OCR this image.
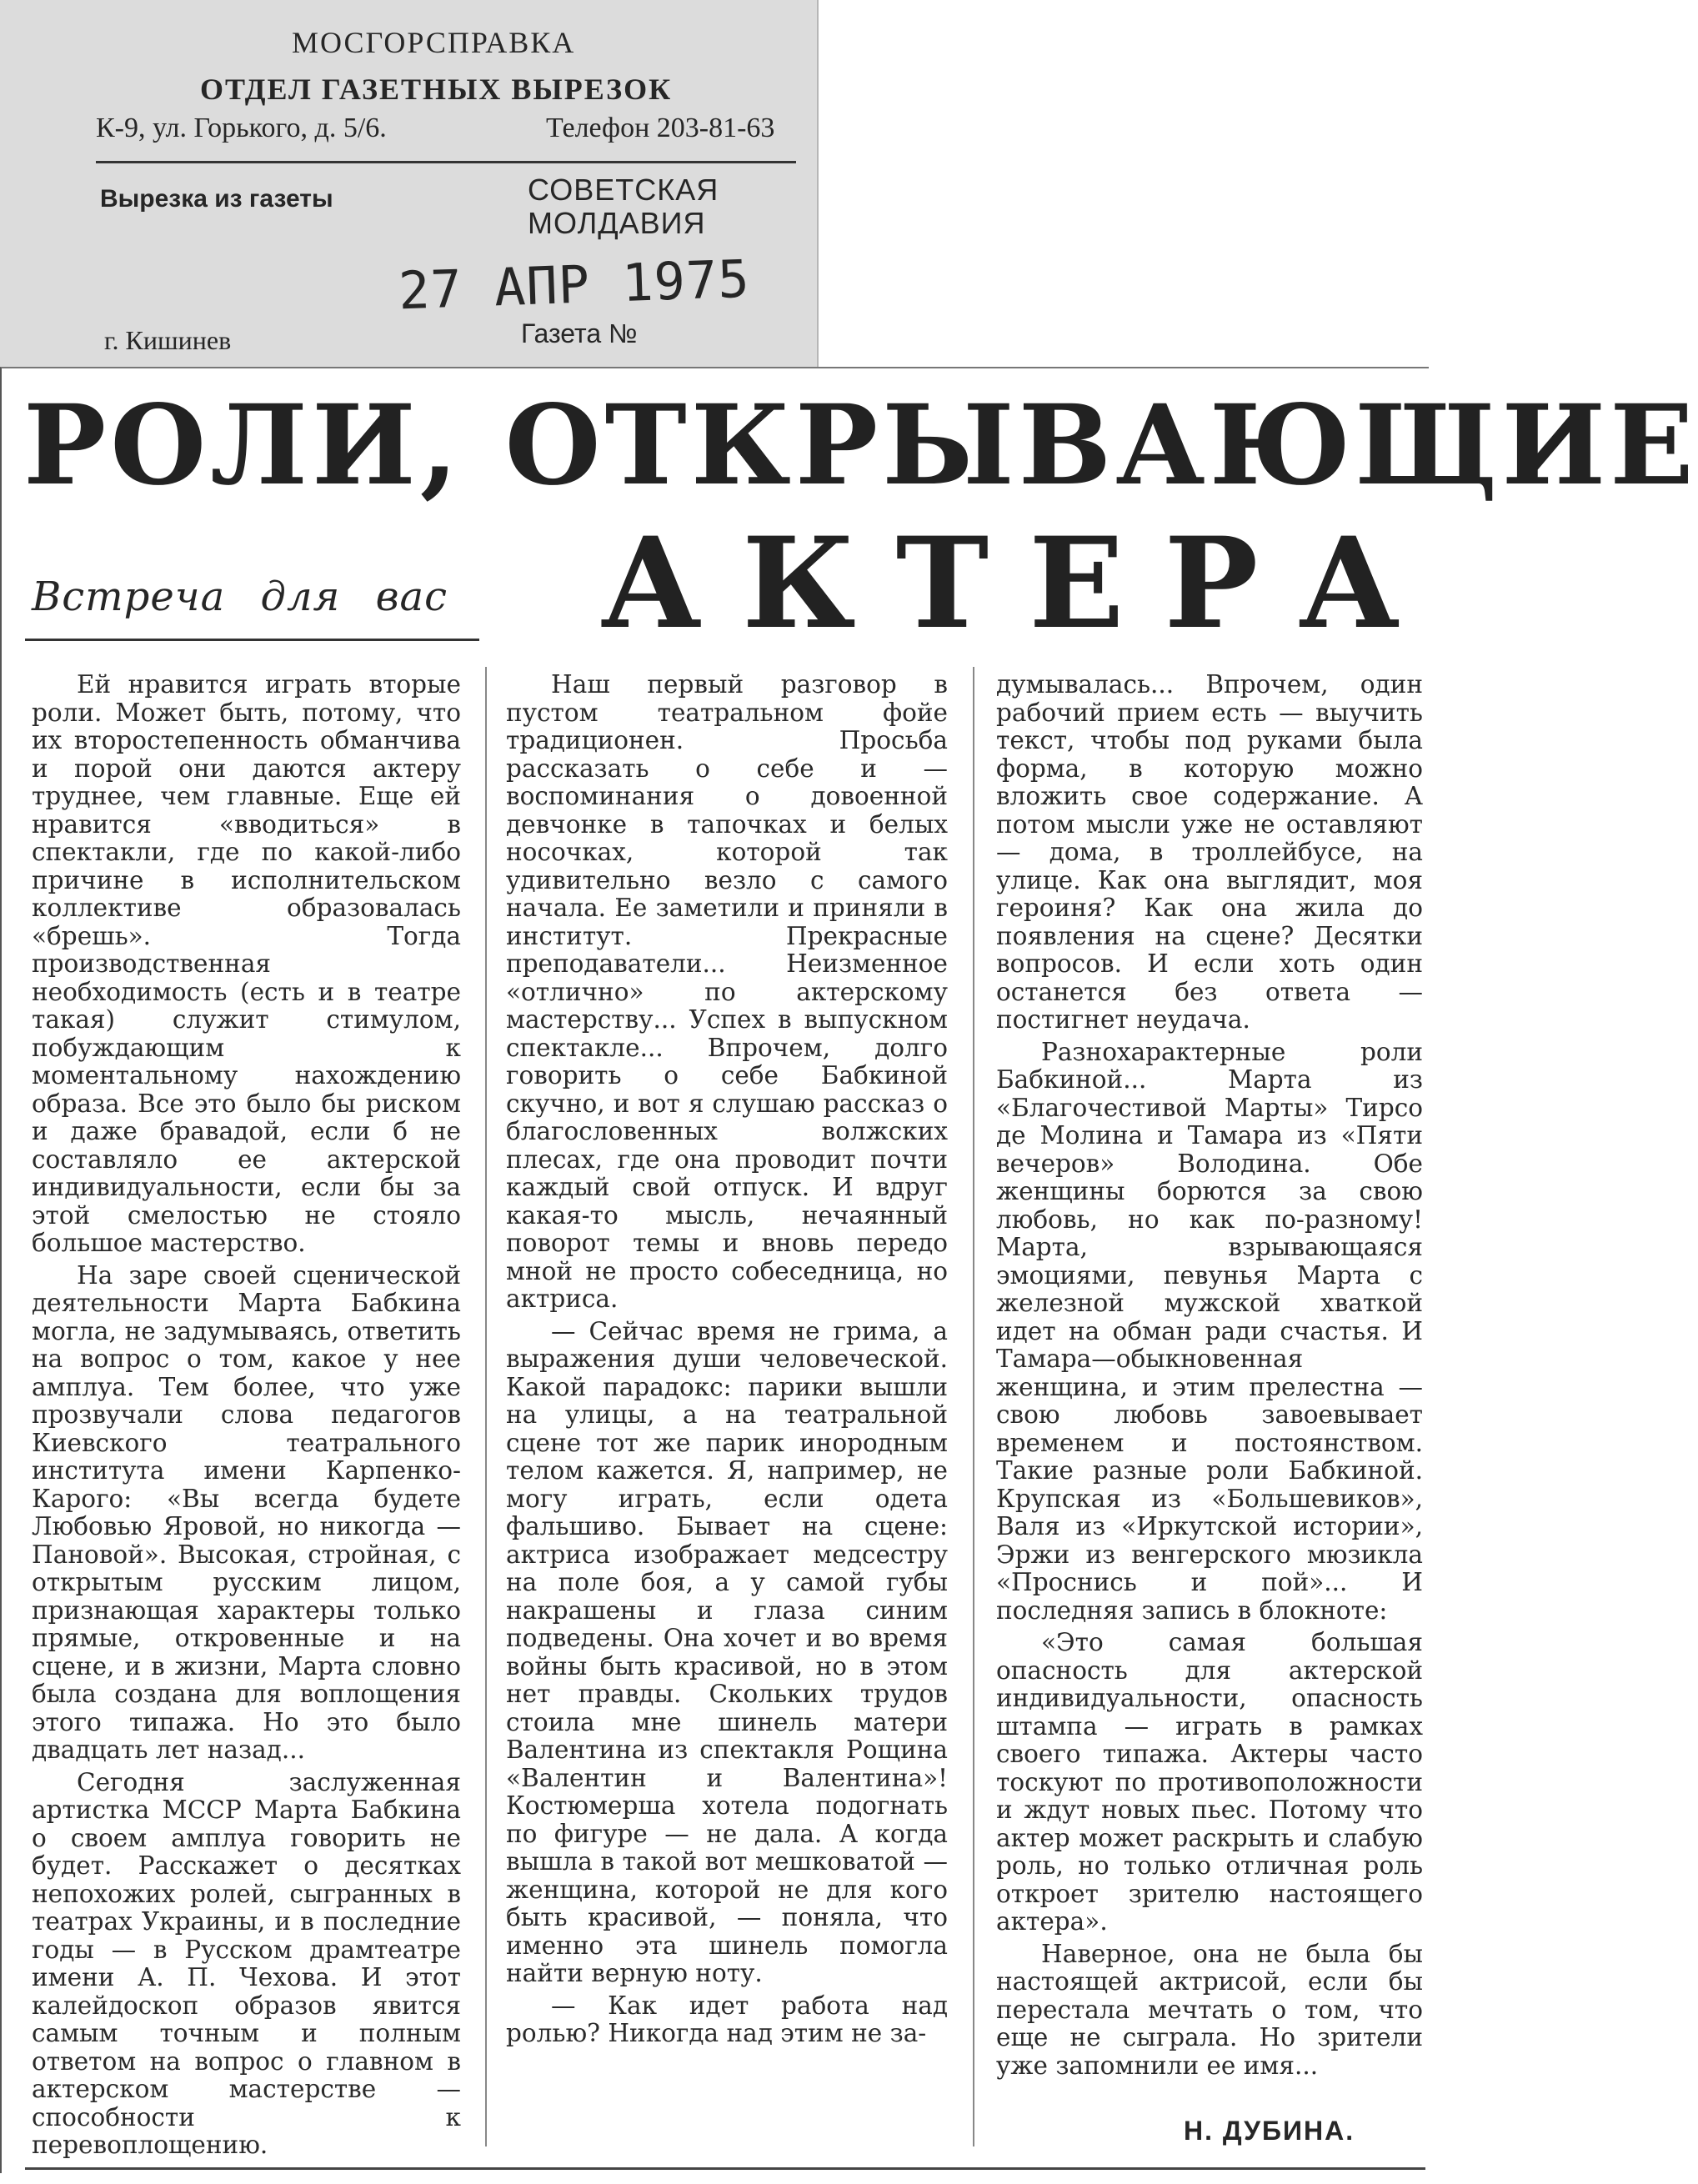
МОСГОРСПРАВКА
ОТДЕЛ ГАЗЕТНЫХ ВЫРЕЗОК
К-9, ул. Горького, д. 5/6.	Телефон 203-81-63
Вырезка из газеты	СОВЕТСКАЯ МОЛДАВИЯ
27 АПР 1975
г. Кишинев	Газета №
РОЛИ, ОТКРЫВАЮЩИЕ
АКТЕРА
Встреча для вас

Ей нравится играть вторые роли. Может быть, потому, что их второстепенность обманчива и порой они даются актеру труднее, чем главные. Еще ей нравится «вводиться» в спектакли, где по какой-либо причине в исполнительском коллективе образовалась «брешь». Тогда производственная необходимость (есть и в театре такая) служит стимулом, побуждающим к моментальному нахождению образа. Все это было бы риском и даже бравадой, если б не составляло ее актерской индивидуальности, если бы за этой смелостью не стояло большое мастерство.

На заре своей сценической деятельности Марта Бабкина могла, не задумываясь, ответить на вопрос о том, какое у нее амплуа. Тем более, что уже прозвучали слова педагогов Киевского театрального института имени Карпенко-Карого: «Вы всегда будете Любовью Яровой, но никогда — Пановой». Высокая, стройная, с открытым русским лицом, признающая характеры только прямые, откровенные и на сцене, и в жизни, Марта словно была создана для воплощения этого типажа. Но это было двадцать лет назад...

Сегодня заслуженная артистка МССР Марта Бабкина о своем амплуа говорить не будет. Расскажет о десятках непохожих ролей, сыгранных в театрах Украины, и в последние годы — в Русском драмтеатре имени А. П. Чехова. И этот калейдоскоп образов явится самым точным и полным ответом на вопрос о главном в актерском мастерстве — способности к перевоплощению.

Наш первый разговор в пустом театральном фойе традиционен. Просьба рассказать о себе и — воспоминания о довоенной девчонке в тапочках и белых носочках, которой так удивительно везло с самого начала. Ее заметили и приняли в институт. Прекрасные преподаватели... Неизменное «отлично» по актерскому мастерству... Успех в выпускном спектакле... Впрочем, долго говорить о себе Бабкиной скучно, и вот я слушаю рассказ о благословенных волжских плесах, где она проводит почти каждый свой отпуск. И вдруг какая-то мысль, нечаянный поворот темы и вновь передо мной не просто собеседница, но актриса.

— Сейчас время не грима, а выражения души человеческой. Какой парадокс: парики вышли на улицы, а на театральной сцене тот же парик инородным телом кажется. Я, например, не могу играть, если одета фальшиво. Бывает на сцене: актриса изображает медсестру на поле боя, а у самой губы накрашены и глаза синим подведены. Она хочет и во время войны быть красивой, но в этом нет правды. Скольких трудов стоила мне шинель матери Валентина из спектакля Рощина «Валентин и Валентина»! Костюмерша хотела подогнать по фигуре — не дала. А когда вышла в такой вот мешковатой — женщина, которой не для кого быть красивой, — поняла, что именно эта шинель помогла найти верную ноту.

— Как идет работа над ролью? Никогда над этим не за-

думывалась... Впрочем, один рабочий прием есть — выучить текст, чтобы под руками была форма, в которую можно вложить свое содержание. А потом мысли уже не оставляют — дома, в троллейбусе, на улице. Как она выглядит, моя героиня? Как она жила до появления на сцене? Десятки вопросов. И если хоть один останется без ответа — постигнет неудача.

Разнохарактерные роли Бабкиной... Марта из «Благочестивой Марты» Тирсо де Молина и Тамара из «Пяти вечеров» Володина. Обе женщины борются за свою любовь, но как по-разному! Марта, взрывающаяся эмоциями, певунья Марта с железной мужской хваткой идет на обман ради счастья. И Тамара—обыкновенная женщина, и этим прелестна — свою любовь завоевывает временем и постоянством. Такие разные роли Бабкиной. Крупская из «Большевиков», Валя из «Иркутской истории», Эржи из венгерского мюзикла «Проснись и пой»... И последняя запись в блокноте:

«Это самая большая опасность для актерской индивидуальности, опасность штампа — играть в рамках своего типажа. Актеры часто тоскуют по противоположности и ждут новых пьес. Потому что актер может раскрыть и слабую роль, но только отличная роль откроет зрителю настоящего актера».

Наверное, она не была бы настоящей актрисой, если бы перестала мечтать о том, что еще не сыграла. Но зрители уже запомнили ее имя...

Н. ДУБИНА.
